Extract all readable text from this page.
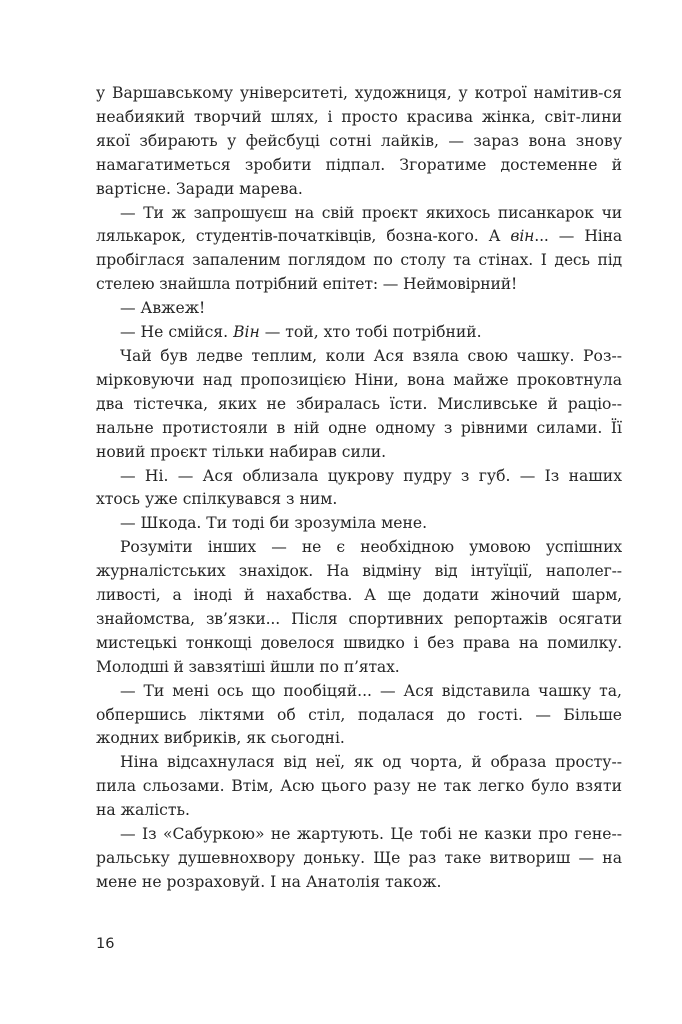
у Варшавському університеті, художниця, у котрої намітив-ся неабиякий творчий шлях, і просто красива жінка, світ-лини якої збирають у фейсбуці сотні лайків, — зараз вона знову намагатиметься зробити підпал. Згоратиме достеменне й вартісне. Заради марева.

— Ти ж запрошуєш на свій проєкт якихось писанкарок чи лялькарок, студентів-початківців, бозна-кого. А він... — Ніна пробіглася запаленим поглядом по столу та стінах. І десь під стелею знайшла потрібний епітет: — Неймовірний!

— Авжеж!

— Не смійся. Він — той, хто тобі потрібний.

Чай був ледве теплим, коли Ася взяла свою чашку. Роз-мірковуючи над пропозицією Ніни, вона майже проковтнула два тістечка, яких не збиралась їсти. Мисливське й раціо-нальне протистояли в ній одне одному з рівними силами. Її новий проєкт тільки набирав сили.

— Ні. — Ася облизала цукрову пудру з губ. — Із наших хтось уже спілкувався з ним.

— Шкода. Ти тоді би зрозуміла мене.

Розуміти інших — не є необхідною умовою успішних журналістських знахідок. На відміну від інтуїції, наполег-ливості, а іноді й нахабства. А ще додати жіночий шарм, знайомства, зв’язки... Після спортивних репортажів осягати мистецькі тонкощі довелося швидко і без права на помилку. Молодші й завзятіші йшли по п’ятах.

— Ти мені ось що пообіцяй... — Ася відставила чашку та, обпершись ліктями об стіл, подалася до гості. — Більше жодних вибриків, як сьогодні.

Ніна відсахнулася від неї, як од чорта, й образа просту-пила сльозами. Втім, Асю цього разу не так легко було взяти на жалість.

— Із «Сабуркою» не жартують. Це тобі не казки про гене-ральську душевнохвору доньку. Ще раз таке витвориш — на мене не розраховуй. І на Анатолія також.

16
